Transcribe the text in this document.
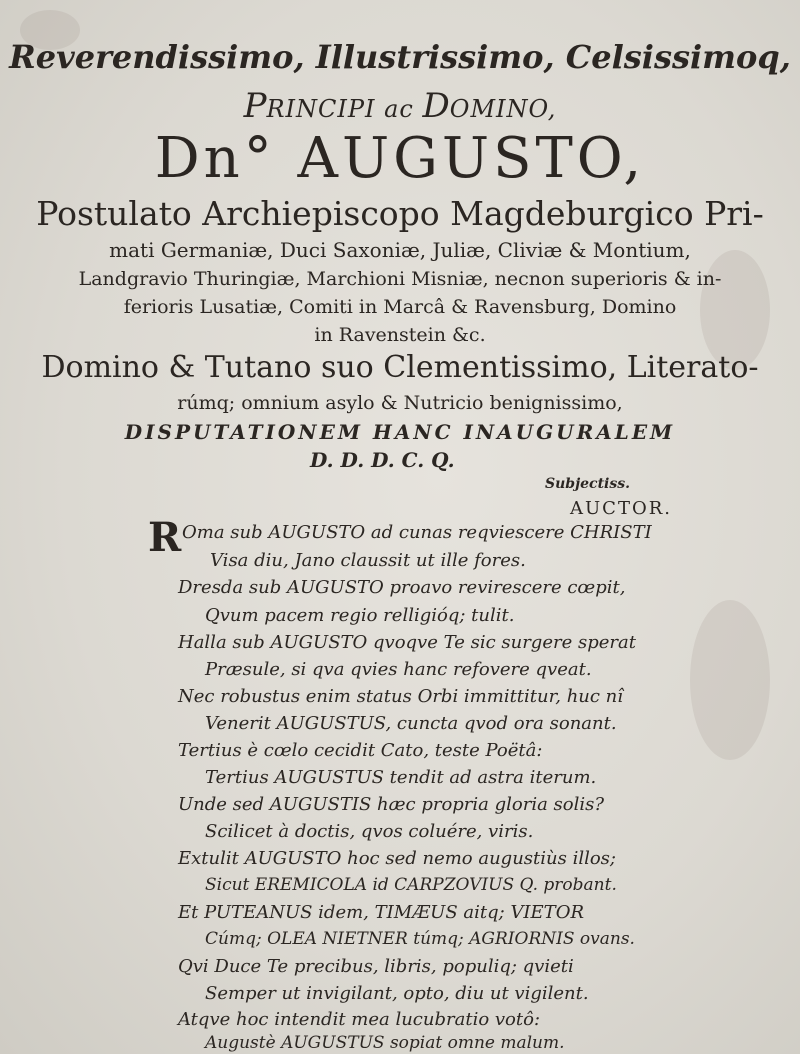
Reverendissimo, Illustrissimo, Celsissimoq,
PRINCIPI ac DOMINO,
Dn° AUGUSTO,
Postulato Archiepiscopo Magdeburgico Pri-
mati Germaniæ, Duci Saxoniæ, Juliæ, Cliviæ & Montium,
Landgravio Thuringiæ, Marchioni Misniæ, necnon superioris & in-
ferioris Lusatiæ, Comiti in Marcâ & Ravensburg, Domino
in Ravenstein &c.
Domino & Tutano suo Clementissimo, Literato-
rúmq; omnium asylo & Nutricio benignissimo,
DISPUTATIONEM HANC INAUGURALEM
D. D. D. C. Q.
Subjectiss.
AUCTOR.
R Oma sub AUGUSTO ad cunas reqviescere CHRISTI
Visa diu, Jano claussit ut ille fores.
Dresda sub AUGUSTO proavo revirescere cœpit,
Qvum pacem regio relligióq; tulit.
Halla sub AUGUSTO qvoqve Te sic surgere sperat
Præsule, si qva qvies hanc refovere qveat.
Nec robustus enim status Orbi immittitur, huc nî
Venerit AUGUSTUS, cuncta qvod ora sonant.
Tertius è cœlo cecidit Cato, teste Poëtâ:
Tertius AUGUSTUS tendit ad astra iterum.
Unde sed AUGUSTIS hæc propria gloria solis?
Scilicet à doctis, qvos coluére, viris.
Extulit AUGUSTO hoc sed nemo augustiùs illos;
Sicut EREMICOLA id CARPZOVIUS Q. probant.
Et PUTEANUS idem, TIMÆUS aitq; VIETOR
Cúmq; OLEA NIETNER túmq; AGRIORNIS ovans.
Qvi Duce Te precibus, libris, populiq; qvieti
Semper ut invigilant, opto, diu ut vigilent.
Atqve hoc intendit mea lucubratio votô:
Augustè AUGUSTUS sopiat omne malum.
